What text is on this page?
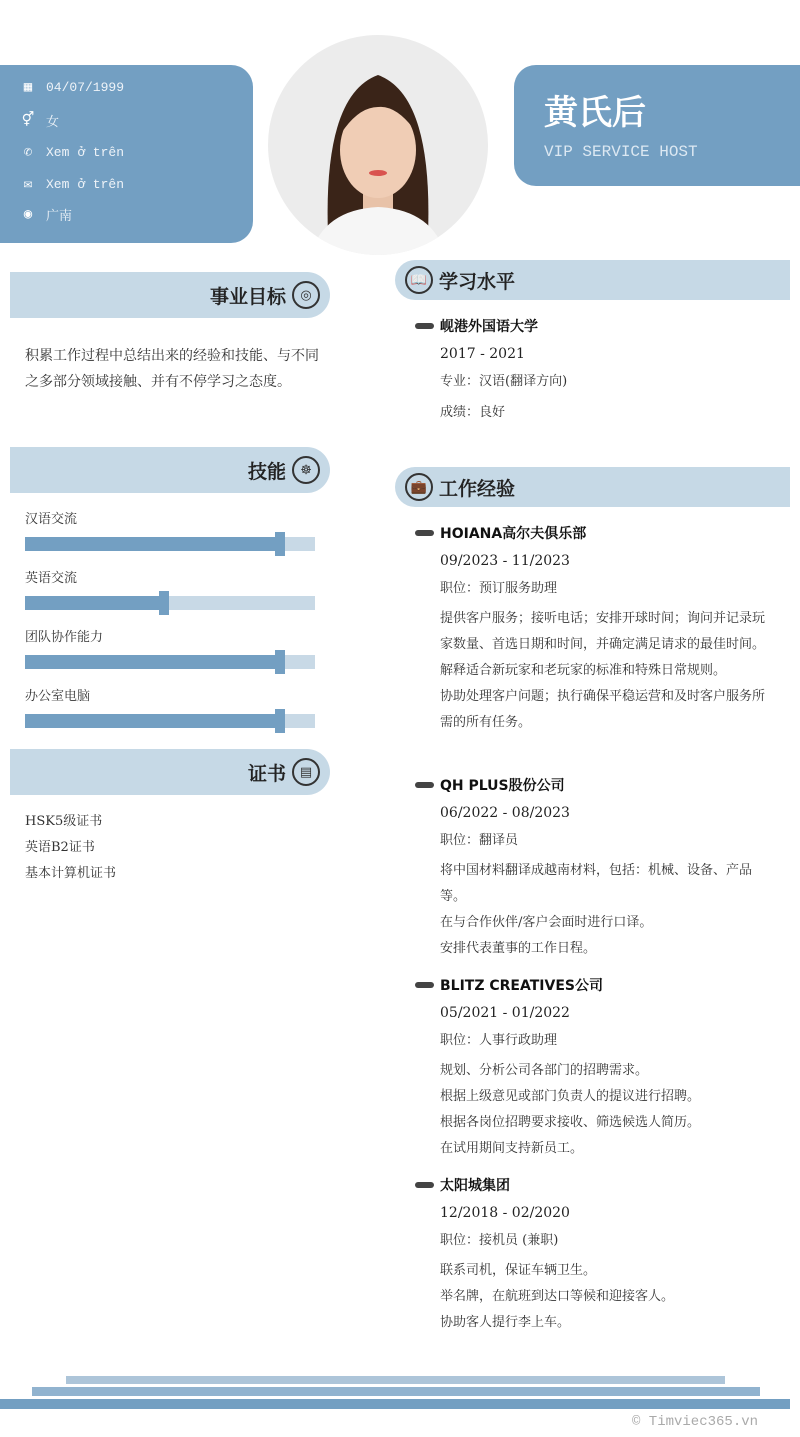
▦ 04/07/1999
⚥ 女
✆ Xem ở trên
✉ Xem ở trên
◉ 广南
黄氏后
VIP SERVICE HOST
事业目标	◎
积累工作过程中总结出来的经验和技能、与不同之多部分领域接触、并有不停学习之态度。
技能	☸
汉语交流
英语交流
团队协作能力
办公室电脑
证书	▤
HSK5级证书
英语B2证书
基本计算机证书
📖 学习水平
岘港外国语大学
2017 - 2021
专业：汉语(翻译方向)
成绩：良好
💼 工作经验
HOIANA高尔夫俱乐部
09/2023 - 11/2023
职位：预订服务助理
提供客户服务；接听电话；安排开球时间；询问并记录玩家数量、首选日期和时间，并确定满足请求的最佳时间。
解释适合新玩家和老玩家的标准和特殊日常规则。
协助处理客户问题；执行确保平稳运营和及时客户服务所需的所有任务。
QH PLUS股份公司
06/2022 - 08/2023
职位：翻译员
将中国材料翻译成越南材料，包括：机械、设备、产品等。
在与合作伙伴/客户会面时进行口译。
安排代表董事的工作日程。
BLITZ CREATIVES公司
05/2021 - 01/2022
职位：人事行政助理
规划、分析公司各部门的招聘需求。
根据上级意见或部门负责人的提议进行招聘。
根据各岗位招聘要求接收、筛选候选人简历。
在试用期间支持新员工。
太阳城集团
12/2018 - 02/2020
职位：接机员 (兼职)
联系司机，保证车辆卫生。
举名牌，在航班到达口等候和迎接客人。
协助客人提行李上车。
© Timviec365.vn
